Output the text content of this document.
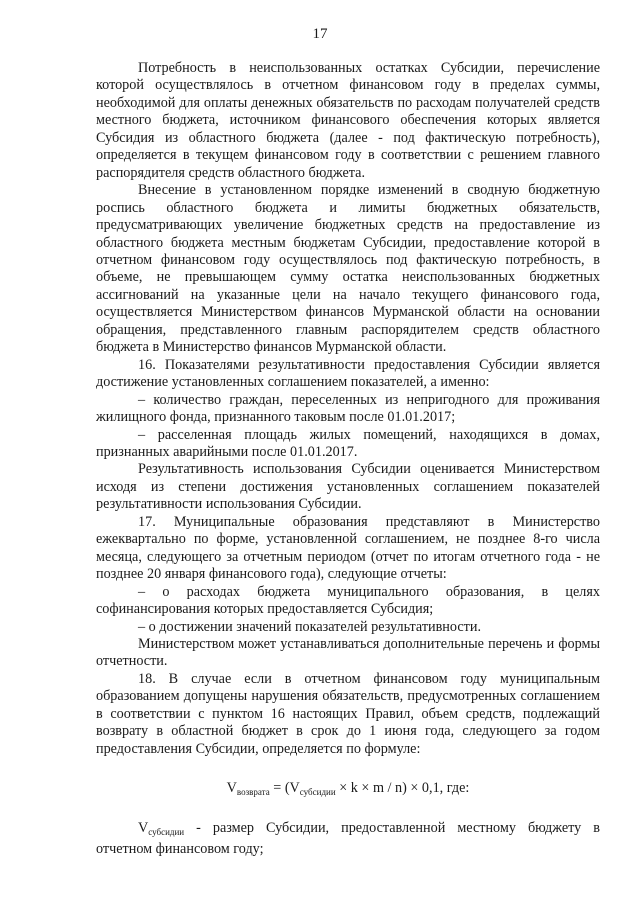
17

Потребность в неиспользованных остатках Субсидии, перечисление которой осуществлялось в отчетном финансовом году в пределах суммы, необходимой для оплаты денежных обязательств по расходам получателей средств местного бюджета, источником финансового обеспечения которых является Субсидия из областного бюджета (далее - под фактическую потребность), определяется в текущем финансовом году в соответствии с решением главного распорядителя средств областного бюджета.

Внесение в установленном порядке изменений в сводную бюджетную роспись областного бюджета и лимиты бюджетных обязательств, предусматривающих увеличение бюджетных средств на предоставление из областного бюджета местным бюджетам Субсидии, предоставление которой в отчетном финансовом году осуществлялось под фактическую потребность, в объеме, не превышающем сумму остатка неиспользованных бюджетных ассигнований на указанные цели на начало текущего финансового года, осуществляется Министерством финансов Мурманской области на основании обращения, представленного главным распорядителем средств областного бюджета в Министерство финансов Мурманской области.

16. Показателями результативности предоставления Субсидии является достижение установленных соглашением показателей, а именно:

– количество граждан, переселенных из непригодного для проживания жилищного фонда, признанного таковым после 01.01.2017;

– расселенная площадь жилых помещений, находящихся в домах, признанных аварийными после 01.01.2017.

Результативность использования Субсидии оценивается Министерством исходя из степени достижения установленных соглашением показателей результативности использования Субсидии.

17. Муниципальные образования представляют в Министерство ежеквартально по форме, установленной соглашением, не позднее 8-го числа месяца, следующего за отчетным периодом (отчет по итогам отчетного года - не позднее 20 января финансового года), следующие отчеты:

– о расходах бюджета муниципального образования, в целях софинансирования которых предоставляется Субсидия;

– о достижении значений показателей результативности.

Министерством может устанавливаться дополнительные перечень и формы отчетности.

18. В случае если в отчетном финансовом году муниципальным образованием допущены нарушения обязательств, предусмотренных соглашением в соответствии с пунктом 16 настоящих Правил, объем средств, подлежащий возврату в областной бюджет в срок до 1 июня года, следующего за годом предоставления Субсидии, определяется по формуле:

$V_{возврата} = (V_{субсидии} \times k \times m / n) \times 0,1$, где:

$V_{субсидии}$ - размер Субсидии, предоставленной местному бюджету в отчетном финансовом году;
